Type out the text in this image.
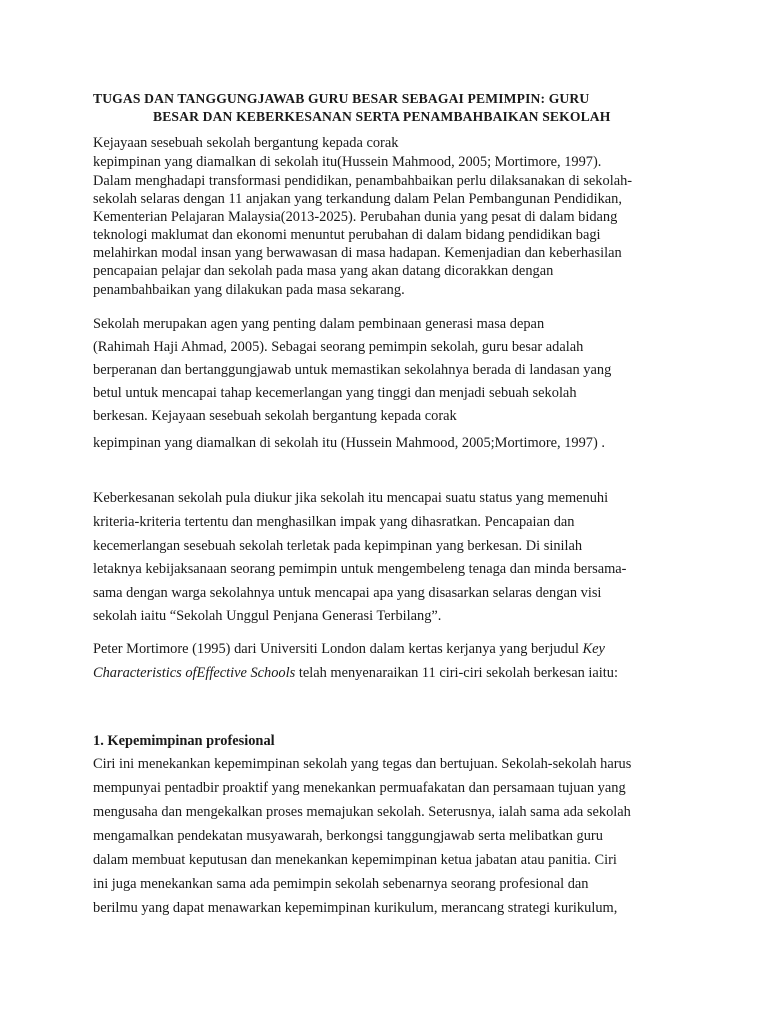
TUGAS DAN TANGGUNGJAWAB GURU BESAR SEBAGAI PEMIMPIN: GURU
BESAR DAN KEBERKESANAN SERTA PENAMBAHBAIKAN SEKOLAH
Kejayaan sesebuah sekolah bergantung kepada corak
kepimpinan yang diamalkan di sekolah itu(Hussein Mahmood, 2005; Mortimore, 1997).
Dalam menghadapi transformasi pendidikan, penambahbaikan perlu dilaksanakan di sekolah-
sekolah selaras dengan 11 anjakan yang terkandung dalam Pelan Pembangunan Pendidikan,
Kementerian Pelajaran Malaysia(2013-2025). Perubahan dunia yang pesat di dalam bidang
teknologi maklumat dan ekonomi menuntut perubahan di dalam bidang pendidikan bagi
melahirkan modal insan yang berwawasan di masa hadapan. Kemenjadian dan keberhasilan
pencapaian pelajar dan sekolah pada masa yang akan datang dicorakkan dengan
penambahbaikan yang dilakukan pada masa sekarang.
Sekolah merupakan agen yang penting dalam pembinaan generasi masa depan
(Rahimah Haji Ahmad, 2005). Sebagai seorang pemimpin sekolah, guru besar adalah
berperanan dan bertanggungjawab untuk memastikan sekolahnya berada di landasan yang
betul untuk mencapai tahap kecemerlangan yang tinggi dan menjadi sebuah sekolah
berkesan. Kejayaan sesebuah sekolah bergantung kepada corak
kepimpinan yang diamalkan di sekolah itu (Hussein Mahmood, 2005;Mortimore, 1997) .
Keberkesanan sekolah pula diukur jika sekolah itu mencapai suatu status yang memenuhi
kriteria-kriteria tertentu dan menghasilkan impak yang dihasratkan. Pencapaian dan
kecemerlangan sesebuah sekolah terletak pada kepimpinan yang berkesan. Di sinilah
letaknya kebijaksanaan seorang pemimpin untuk mengembeleng tenaga dan minda bersama-
sama dengan warga sekolahnya untuk mencapai apa yang disasarkan selaras dengan visi
sekolah iaitu “Sekolah Unggul Penjana Generasi Terbilang”.
Peter Mortimore (1995) dari Universiti London dalam kertas kerjanya yang berjudul Key
Characteristics ofEffective Schools telah menyenaraikan 11 ciri-ciri sekolah berkesan iaitu:
1. Kepemimpinan profesional
Ciri ini menekankan kepemimpinan sekolah yang tegas dan bertujuan. Sekolah-sekolah harus
mempunyai pentadbir proaktif yang menekankan permuafakatan dan persamaan tujuan yang
mengusaha dan mengekalkan proses memajukan sekolah. Seterusnya, ialah sama ada sekolah
mengamalkan pendekatan musyawarah, berkongsi tanggungjawab serta melibatkan guru
dalam membuat keputusan dan menekankan kepemimpinan ketua jabatan atau panitia. Ciri
ini juga menekankan sama ada pemimpin sekolah sebenarnya seorang profesional dan
berilmu yang dapat menawarkan kepemimpinan kurikulum, merancang strategi kurikulum,
